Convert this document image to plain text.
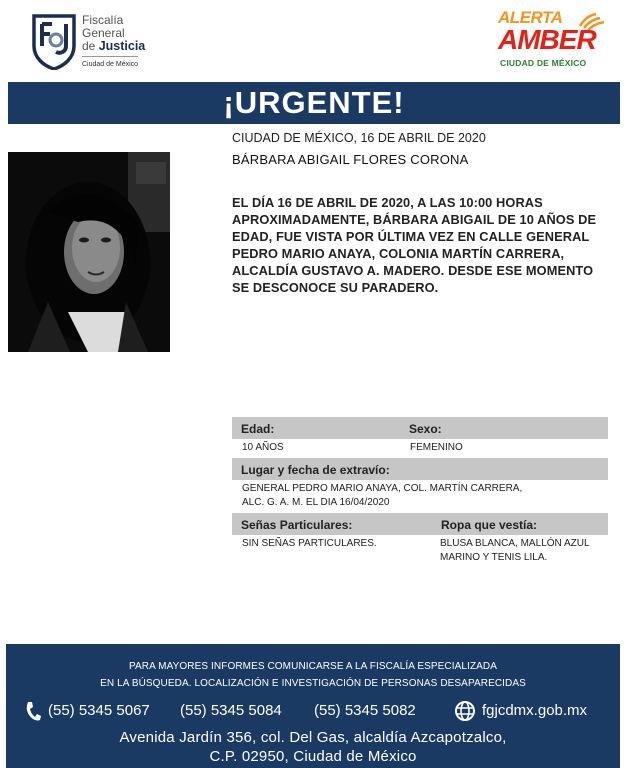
Fiscalía
General
de Justicia
Ciudad de México
ALERTA
AMBER
CIUDAD DE MÉXICO
¡URGENTE!
CIUDAD DE MÉXICO, 16 DE ABRIL DE 2020
BÁRBARA ABIGAIL FLORES CORONA
EL DÍA 16 DE ABRIL DE 2020, A LAS 10:00 HORAS APROXIMADAMENTE, BÁRBARA ABIGAIL DE 10 AÑOS DE EDAD, FUE VISTA POR ÚLTIMA VEZ EN CALLE GENERAL PEDRO MARIO ANAYA, COLONIA MARTÍN CARRERA, ALCALDÍA GUSTAVO A. MADERO. DESDE ESE MOMENTO SE DESCONOCE SU PARADERO.
Edad:	Sexo:
10 AÑOS	FEMENINO
Lugar y fecha de extravío:
GENERAL PEDRO MARIO ANAYA, COL. MARTÍN CARRERA,
ALC. G. A. M. EL DIA 16/04/2020
Señas Particulares:	Ropa que vestía:
SIN SEÑAS PARTICULARES.	BLUSA BLANCA, MALLÓN AZUL
MARINO Y TENIS LILA.
PARA MAYORES INFORMES COMUNICARSE A LA FISCALÍA ESPECIALIZADA
EN LA BÚSQUEDA. LOCALIZACIÓN E INVESTIGACIÓN DE PERSONAS DESAPARECIDAS
(55) 5345 5067 (55) 5345 5084 (55) 5345 5082	fgjcdmx.gob.mx
Avenida Jardín 356, col. Del Gas, alcaldía Azcapotzalco,
C.P. 02950, Ciudad de México
